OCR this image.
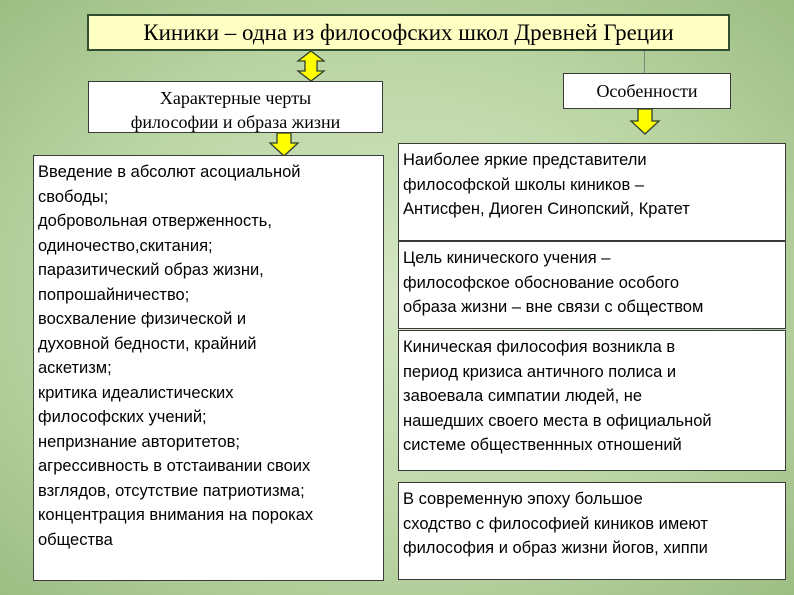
Киники – одна из философских школ Древней Греции
Характерные черты
философии и образа жизни
Особенности
Введение в абсолют асоциальной
свободы;
добровольная отверженность,
одиночество,скитания;
паразитический образ жизни,
попрошайничество;
восхваление физической и
духовной бедности, крайний
аскетизм;
критика идеалистических
философских учений;
непризнание авторитетов;
агрессивность в отстаивании своих
взглядов, отсутствие патриотизма;
концентрация внимания на пороках
общества
Наиболее яркие представители
философской школы киников –
Антисфен, Диоген Синопский, Кратет
Цель кинического учения –
философское обоснование особого
образа жизни – вне связи с обществом
Киническая философия возникла в
период кризиса античного полиса и
завоевала симпатии людей, не
нашедших своего места в официальной
системе общественнных отношений
В современную эпоху большое
сходство с философией киников имеют
философия и образ жизни йогов, хиппи
